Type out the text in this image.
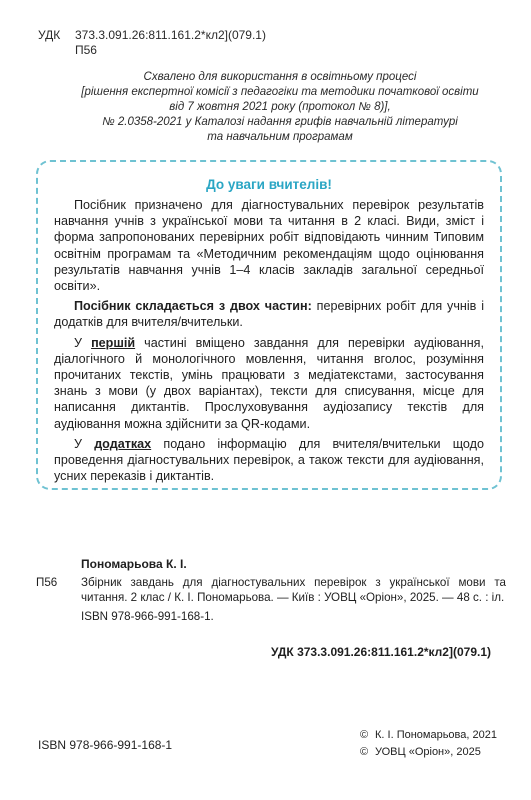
УДК 373.3.091.26:811.161.2*кл2](079.1)
П56
Схвалено для використання в освітньому процесі
[рішення експертної комісії з педагогіки та методики початкової освіти
від 7 жовтня 2021 року (протокол № 8)],
№ 2.0358-2021 у Каталозі надання грифів навчальній літературі
та навчальним програмам
До уваги вчителів!

Посібник призначено для діагностувальних перевірок результатів навчання учнів з української мови та читання в 2 класі. Види, зміст і форма запропонованих перевірних робіт відповідають чинним Типовим освітнім програмам та «Методичним рекомендаціям щодо оцінювання результатів навчання учнів 1–4 класів закладів загальної середньої освіти».

Посібник складається з двох частин: перевірних робіт для учнів і додатків для вчителя/вчительки.

У першій частині вміщено завдання для перевірки аудіювання, діалогічного й монологічного мовлення, читання вголос, розуміння прочитаних текстів, умінь працювати з медіатекстами, застосування знань з мови (у двох варіантах), тексти для списування, місце для написання диктантів. Прослуховування аудіозапису текстів для аудіювання можна здійснити за QR-кодами.

У додатках подано інформацію для вчителя/вчительки щодо проведення діагностувальних перевірок, а також тексти для аудіювання, усних переказів і диктантів.

Пономарьова К. І.
П56	Збірник завдань для діагностувальних перевірок з української мови та читання. 2 клас / К. І. Пономарьова. — Київ : УОВЦ «Оріон», 2025. — 48 с. : іл.
ISBN 978-966-991-168-1.
УДК 373.3.091.26:811.161.2*кл2](079.1)
ISBN 978-966-991-168-1
© К. І. Пономарьова, 2021
© УОВЦ «Оріон», 2025
